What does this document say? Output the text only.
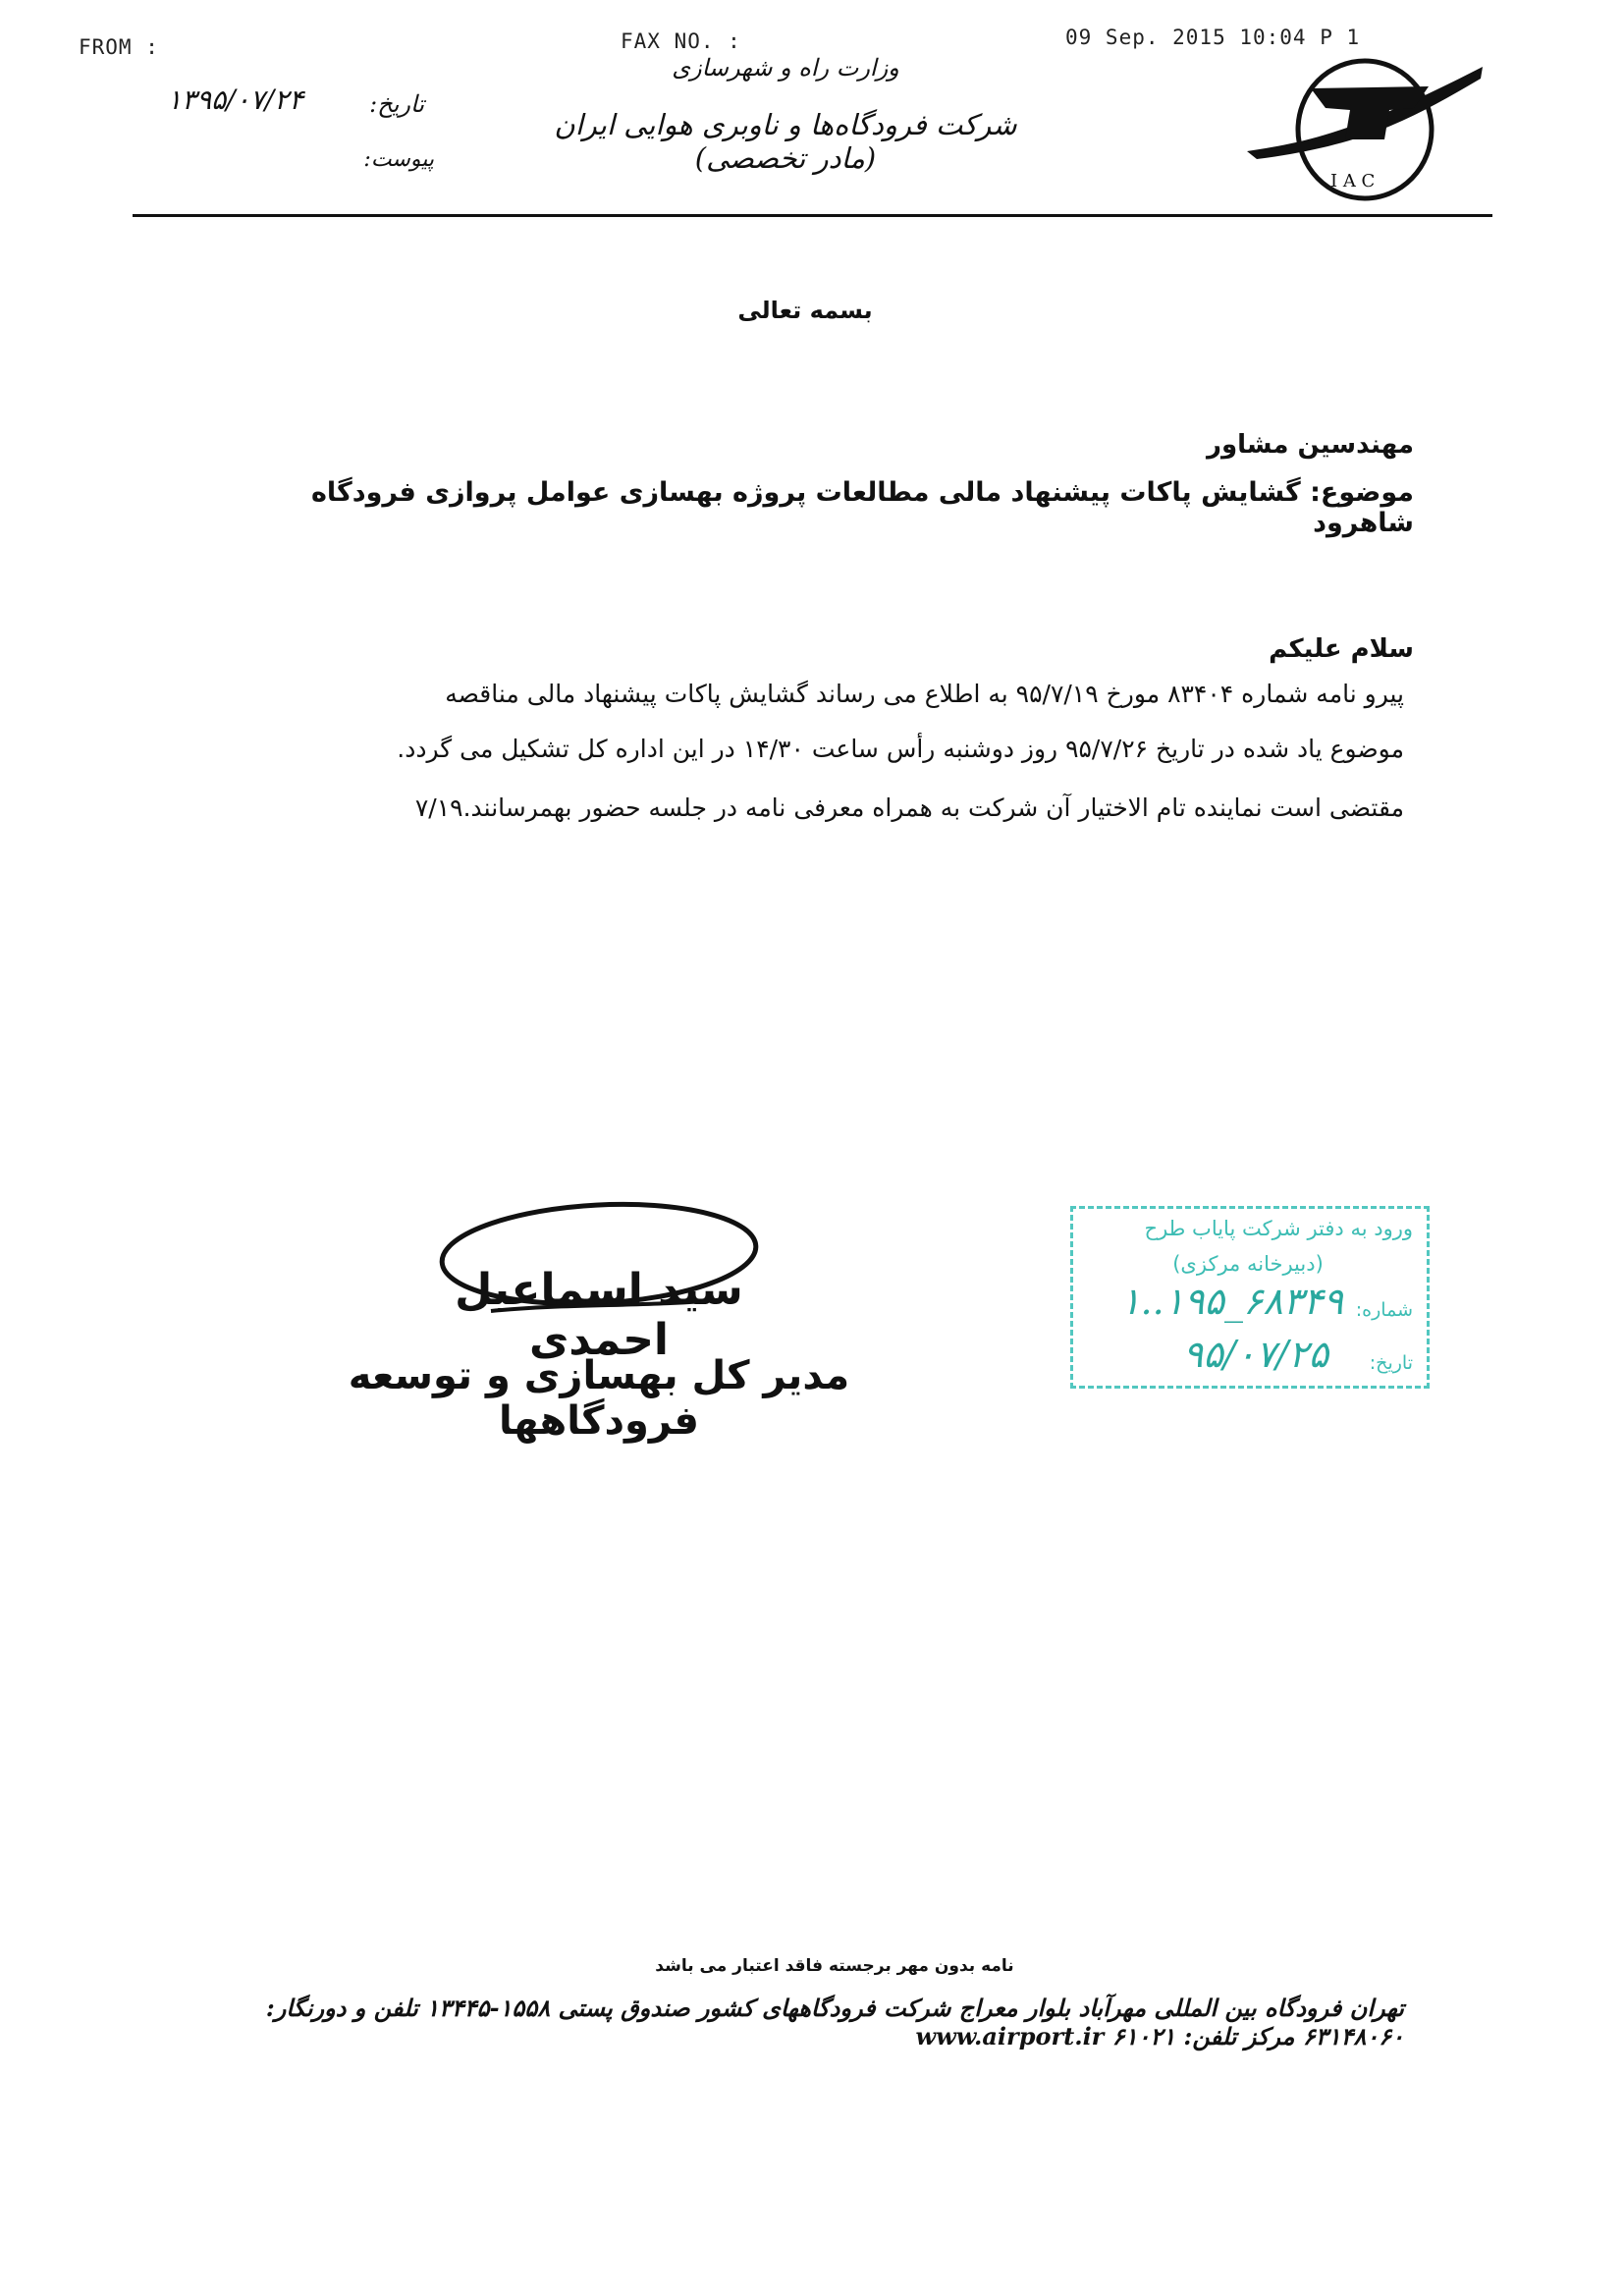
FROM :	FAX NO. :	09 Sep. 2015 10:04 P 1
وزارت راه و شهرسازی
شرکت فرودگاه‌ها و ناوبری هوایی ایران (مادر تخصصی)
تاریخ:
۱۳۹۵/۰۷/۲۴
پیوست:
I A C
بسمه تعالی
مهندسین مشاور
موضوع: گشایش پاکات پیشنهاد مالی مطالعات پروژه بهسازی عوامل پروازی فرودگاه شاهرود
سلام علیکم
پیرو نامه شماره ۸۳۴۰۴ مورخ ۹۵/۷/۱۹ به اطلاع می رساند گشایش پاکات پیشنهاد مالی مناقصه
موضوع یاد شده در تاریخ ۹۵/۷/۲۶ روز دوشنبه رأس ساعت ۱۴/۳۰ در این اداره کل تشکیل می گردد.
مقتضی است نماینده تام الاختیار آن شرکت به همراه معرفی نامه در جلسه حضور بهمرسانند.۷/۱۹
سید اسماعیل احمدی
مدیر کل بهسازی و توسعه فرودگاهها
ورود به دفتر شرکت پایاب طرح
(دبیرخانه مرکزی)
شماره:
۱..۱۹۵_۶۸۳۴۹
تاریخ:
۹۵/۰۷/۲۵
نامه بدون مهر برجسته فاقد اعتبار می باشد
تهران فرودگاه بین المللی مهرآباد بلوار معراج شرکت فرودگاههای کشور صندوق پستی ۱۵۵۸-۱۳۴۴۵ تلفن و دورنگار: ۶۳۱۴۸۰۶۰ مرکز تلفن: ۶۱۰۲۱ www.airport.ir
